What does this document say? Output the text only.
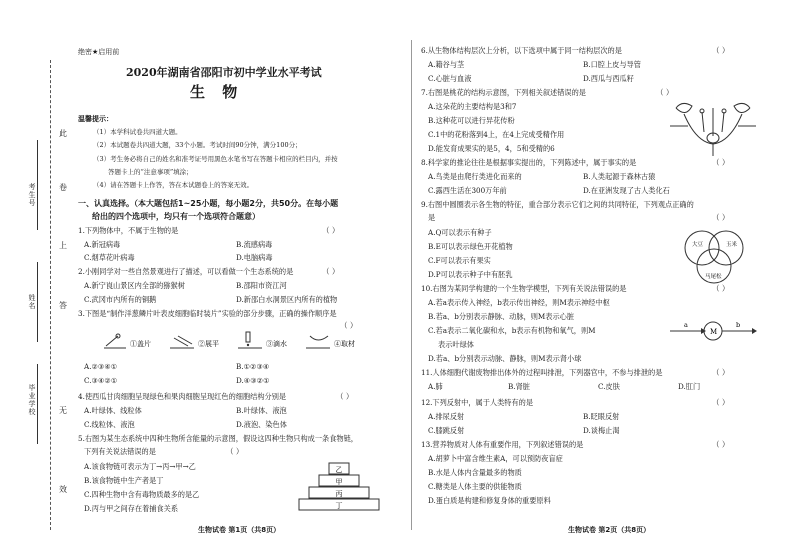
此
卷
上
答
无
效
考生号
姓名
毕业学校
绝密★启用前
2020年湖南省邵阳市初中学业水平考试
生 物
温馨提示：
（1）本学科试卷共四道大题。
（2）本试题卷共四道大题，33个小题。考试时间90分钟，满分100分；
（3）考生务必将自己的姓名和准考证号用黑色水笔书写在答题卡相应的栏目内，并按
答题卡上的“注意事项”填涂；
（4）请在答题卡上作答，答在本试题卷上的答案无效。
一、认真选择。（本大题包括1~25小题，每小题2分，共50分。在每小题
给出的四个选项中，均只有一个选项符合题意）
1.下列物体中，不属于生物的是	（ ）
A.新冠病毒	B.流感病毒
C.烟草花叶病毒	D.电脑病毒
2.小刚同学对一些自然景观进行了描述，可以看做一个生态系统的是	（ ）
A.新宁崀山景区内全部的猕猴树	B.邵阳市资江河
C.武冈市内所有的铜鹅	D.新邵白水洞景区内所有的植物
3.下图是“制作洋葱鳞片叶表皮细胞临时装片”实验的部分步骤，正确的操作顺序是
（ ）
①盖片	②展平	③滴水	④取材
A.②③④①	B.①②③④
C.③④②①	D.④③②①
4.使西瓜甘肉细胞呈现绿色和果肉细胞呈现红色的细胞结构分别是	（ ）
A.叶绿体、线粒体	B.叶绿体、液泡
C.线粒体、液泡	D.液泡、染色体
5.右图为某生态系统中四种生物所含能量的示意图，假设这四种生物只构成一条食物链，
下列有关说法错误的是	（ ）
A.该食物链可表示为丁→丙→甲→乙
B.该食物链中生产者是丁
C.四种生物中含有毒物质最多的是乙
D.丙与甲之间存在着捕食关系
乙
甲
丙
丁
生物试卷 第1页（共8页）
6.从生物体结构层次上分析，以下选项中属于同一结构层次的是	（ ）
A.籍谷与茎	B.口腔上皮与导管
C.心脏与血液	D.西瓜与西瓜籽
7.右图是桃花的结构示意图，下列相关叙述错误的是	（ ）
A.这朵花的主要结构是3和7
B.这种花可以进行异花传粉
C.1中的花粉落到4上，在4上完成受精作用
D.能发育成果实的是5，4，5和受精的6
8.科学家的推论往往是根据事实提出的，下列陈述中，属于事实的是	（ ）
A.鸟类是由爬行类进化而来的	B.人类起源于森林古猿
C.露西生活在300万年前	D.在亚洲发现了古人类化石
9.右图中圆圈表示各生物的特征，重合部分表示它们之间的共同特征，下列观点正确的
是	（ ）
A.Q可以表示有种子
B.E可以表示绿色开花植物
C.F可以表示有果实
D.P可以表示种子中有胚乳
大豆	玉米
马尾松
10.右图为某同学构建的一个生物学模型，下列有关说法错误的是	（ ）
A.若a表示传入神经，b表示传出神经，则M表示神经中枢
B.若a、b分别表示静脉、动脉，则M表示心脏
C.若a表示二氧化碳和水，b表示有机物和氧气，则M
表示叶绿体
D.若a、b分别表示动脉、静脉，则M表示肾小球
a
M
b
11.人体细胞代谢废物排出体外的过程叫排泄，下列器官中，不参与排泄的是	（ ）
A.肺	B.肾脏	C.皮肤	D.肛门
12.下列反射中，属于人类特有的是	（ ）
A.排尿反射	B.眨眼反射
C.膝跳反射	D.谈梅止渴
13.营养物质对人体有重要作用，下列叙述错误的是	（ ）
A.胡萝卜中富含维生素A，可以预防夜盲症
B.水是人体内含量最多的物质
C.糖类是人体主要的供能物质
D.蛋白质是构建和修复身体的重要原料
生物试卷 第2页（共8页）
